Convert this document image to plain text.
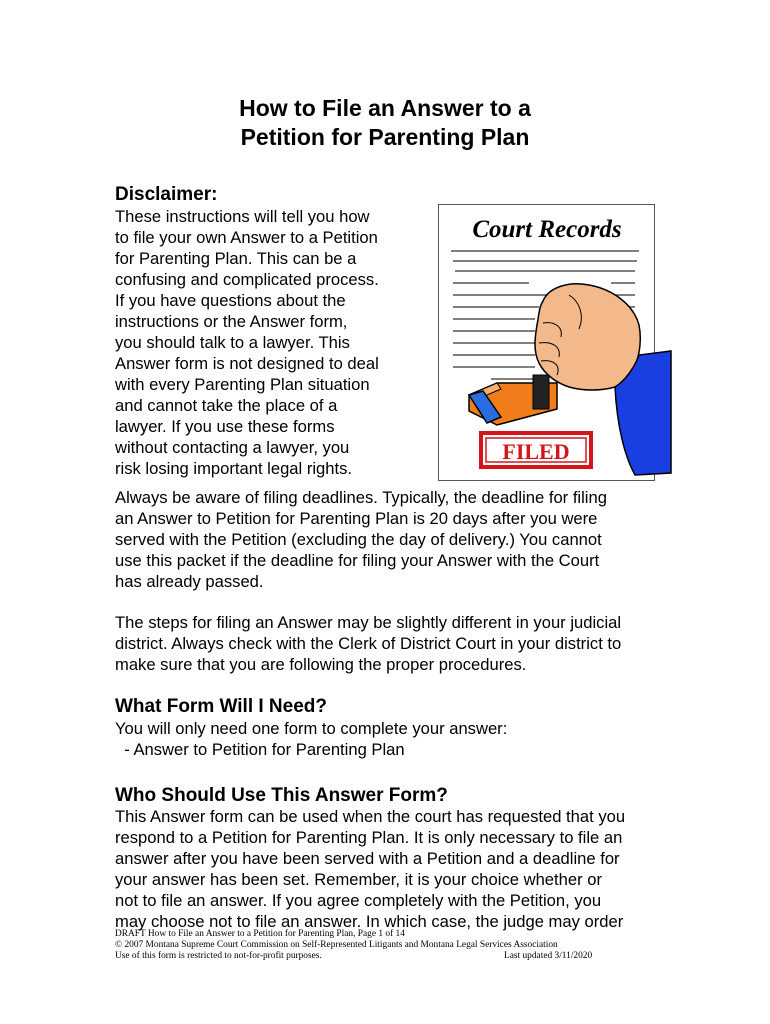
How to File an Answer to a
Petition for Parenting Plan
Disclaimer:
These instructions will tell you how
to file your own Answer to a Petition
for Parenting Plan. This can be a
confusing and complicated process.
If you have questions about the
instructions or the Answer form,
you should talk to a lawyer. This
Answer form is not designed to deal
with every Parenting Plan situation
and cannot take the place of a
lawyer. If you use these forms
without contacting a lawyer, you
risk losing important legal rights.
Court Records
FILED
Always be aware of filing deadlines. Typically, the deadline for filing
an Answer to Petition for Parenting Plan is 20 days after you were
served with the Petition (excluding the day of delivery.) You cannot
use this packet if the deadline for filing your Answer with the Court
has already passed.
The steps for filing an Answer may be slightly different in your judicial
district. Always check with the Clerk of District Court in your district to
make sure that you are following the proper procedures.
What Form Will I Need?
You will only need one form to complete your answer:
- Answer to Petition for Parenting Plan
Who Should Use This Answer Form?
This Answer form can be used when the court has requested that you
respond to a Petition for Parenting Plan. It is only necessary to file an
answer after you have been served with a Petition and a deadline for
your answer has been set. Remember, it is your choice whether or
not to file an answer. If you agree completely with the Petition, you
may choose not to file an answer. In which case, the judge may order
DRAFT How to File an Answer to a Petition for Parenting Plan, Page 1 of 14
© 2007 Montana Supreme Court Commission on Self-Represented Litigants and Montana Legal Services Association
Use of this form is restricted to not-for-profit purposes.	Last updated 3/11/2020
